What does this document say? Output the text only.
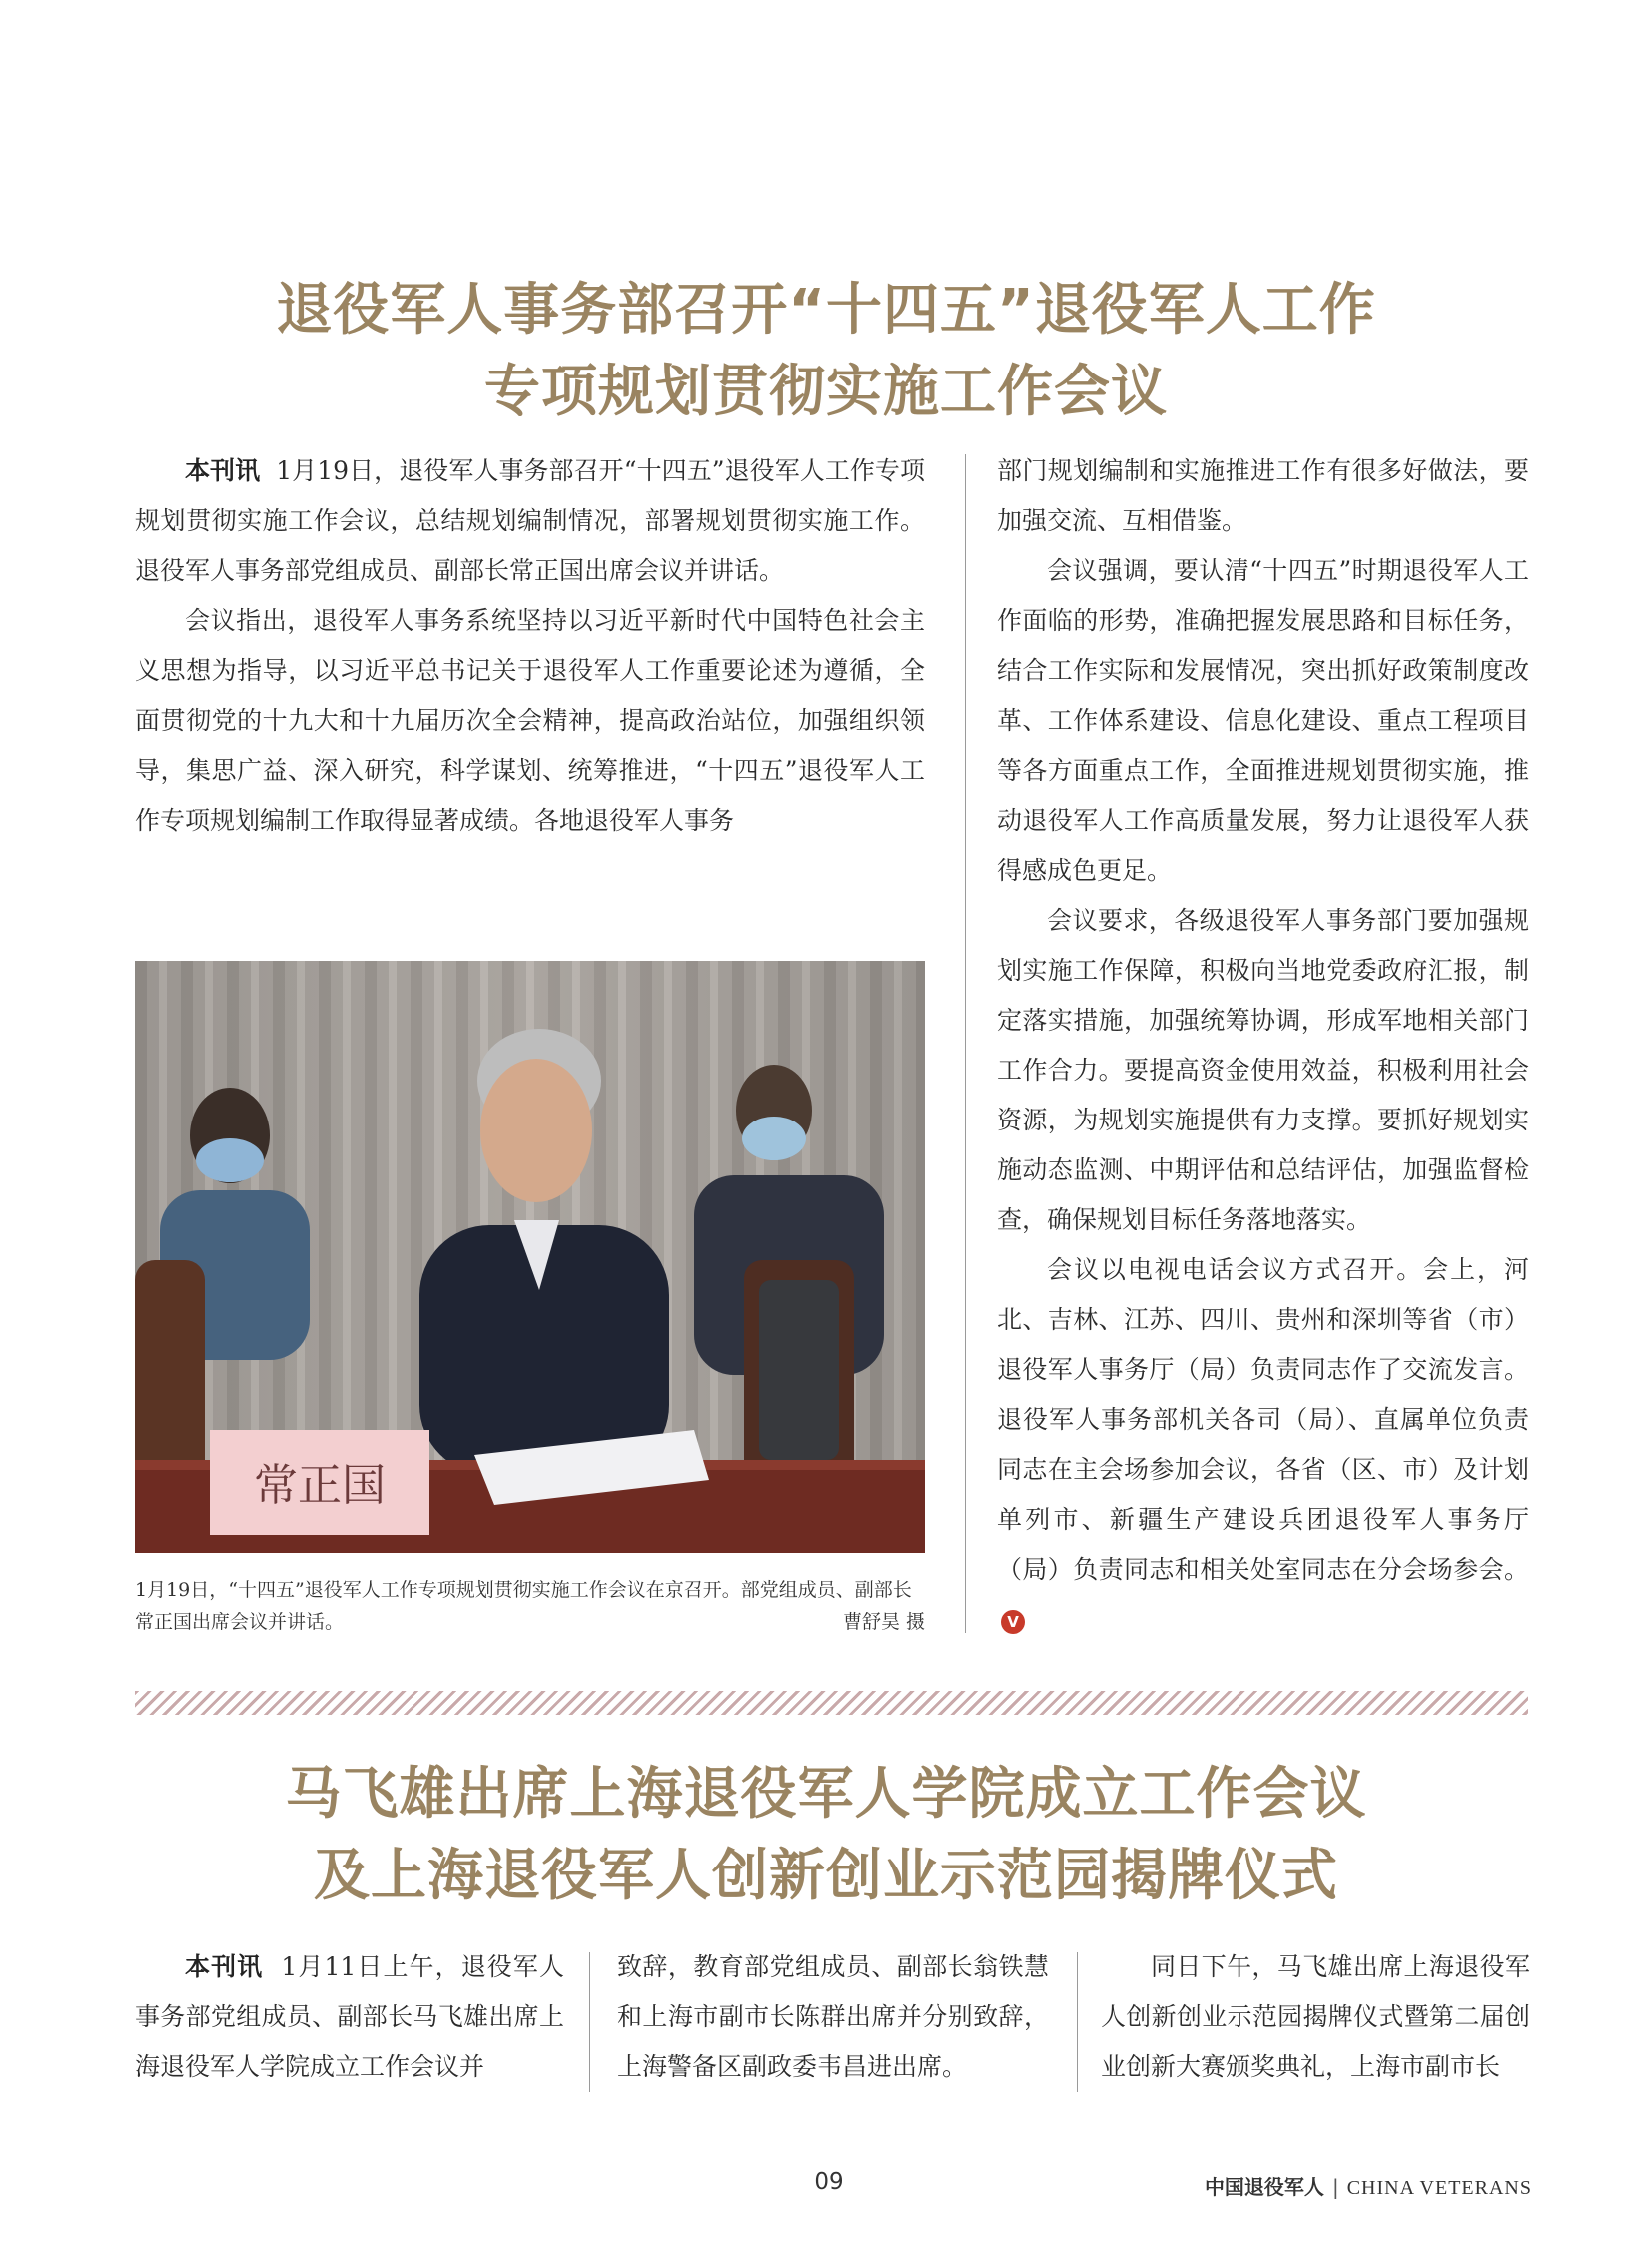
退役军人事务部召开“十四五”退役军人工作
专项规划贯彻实施工作会议

本刊讯 1月19日，退役军人事务部召开“十四五”退役军人工作专项规划贯彻实施工作会议，总结规划编制情况，部署规划贯彻实施工作。退役军人事务部党组成员、副部长常正国出席会议并讲话。

会议指出，退役军人事务系统坚持以习近平新时代中国特色社会主义思想为指导，以习近平总书记关于退役军人工作重要论述为遵循，全面贯彻党的十九大和十九届历次全会精神，提高政治站位，加强组织领导，集思广益、深入研究，科学谋划、统筹推进，“十四五”退役军人工作专项规划编制工作取得显著成绩。各地退役军人事务

常正国
1月19日，“十四五”退役军人工作专项规划贯彻实施工作会议在京召开。部党组成员、副部长常正国出席会议并讲话。	曹舒昊 摄

部门规划编制和实施推进工作有很多好做法，要加强交流、互相借鉴。

会议强调，要认清“十四五”时期退役军人工作面临的形势，准确把握发展思路和目标任务，结合工作实际和发展情况，突出抓好政策制度改革、工作体系建设、信息化建设、重点工程项目等各方面重点工作，全面推进规划贯彻实施，推动退役军人工作高质量发展，努力让退役军人获得感成色更足。

会议要求，各级退役军人事务部门要加强规划实施工作保障，积极向当地党委政府汇报，制定落实措施，加强统筹协调，形成军地相关部门工作合力。要提高资金使用效益，积极利用社会资源，为规划实施提供有力支撑。要抓好规划实施动态监测、中期评估和总结评估，加强监督检查，确保规划目标任务落地落实。

会议以电视电话会议方式召开。会上，河北、吉林、江苏、四川、贵州和深圳等省（市）退役军人事务厅（局）负责同志作了交流发言。退役军人事务部机关各司（局）、直属单位负责同志在主会场参加会议，各省（区、市）及计划单列市、新疆生产建设兵团退役军人事务厅（局）负责同志和相关处室同志在分会场参会。V

马飞雄出席上海退役军人学院成立工作会议
及上海退役军人创新创业示范园揭牌仪式

本刊讯 1月11日上午，退役军人事务部党组成员、副部长马飞雄出席上海退役军人学院成立工作会议并

致辞，教育部党组成员、副部长翁铁慧和上海市副市长陈群出席并分别致辞，上海警备区副政委韦昌进出席。

同日下午，马飞雄出席上海退役军人创新创业示范园揭牌仪式暨第二届创业创新大赛颁奖典礼，上海市副市长

09	中国退役军人 | CHINA VETERANS
